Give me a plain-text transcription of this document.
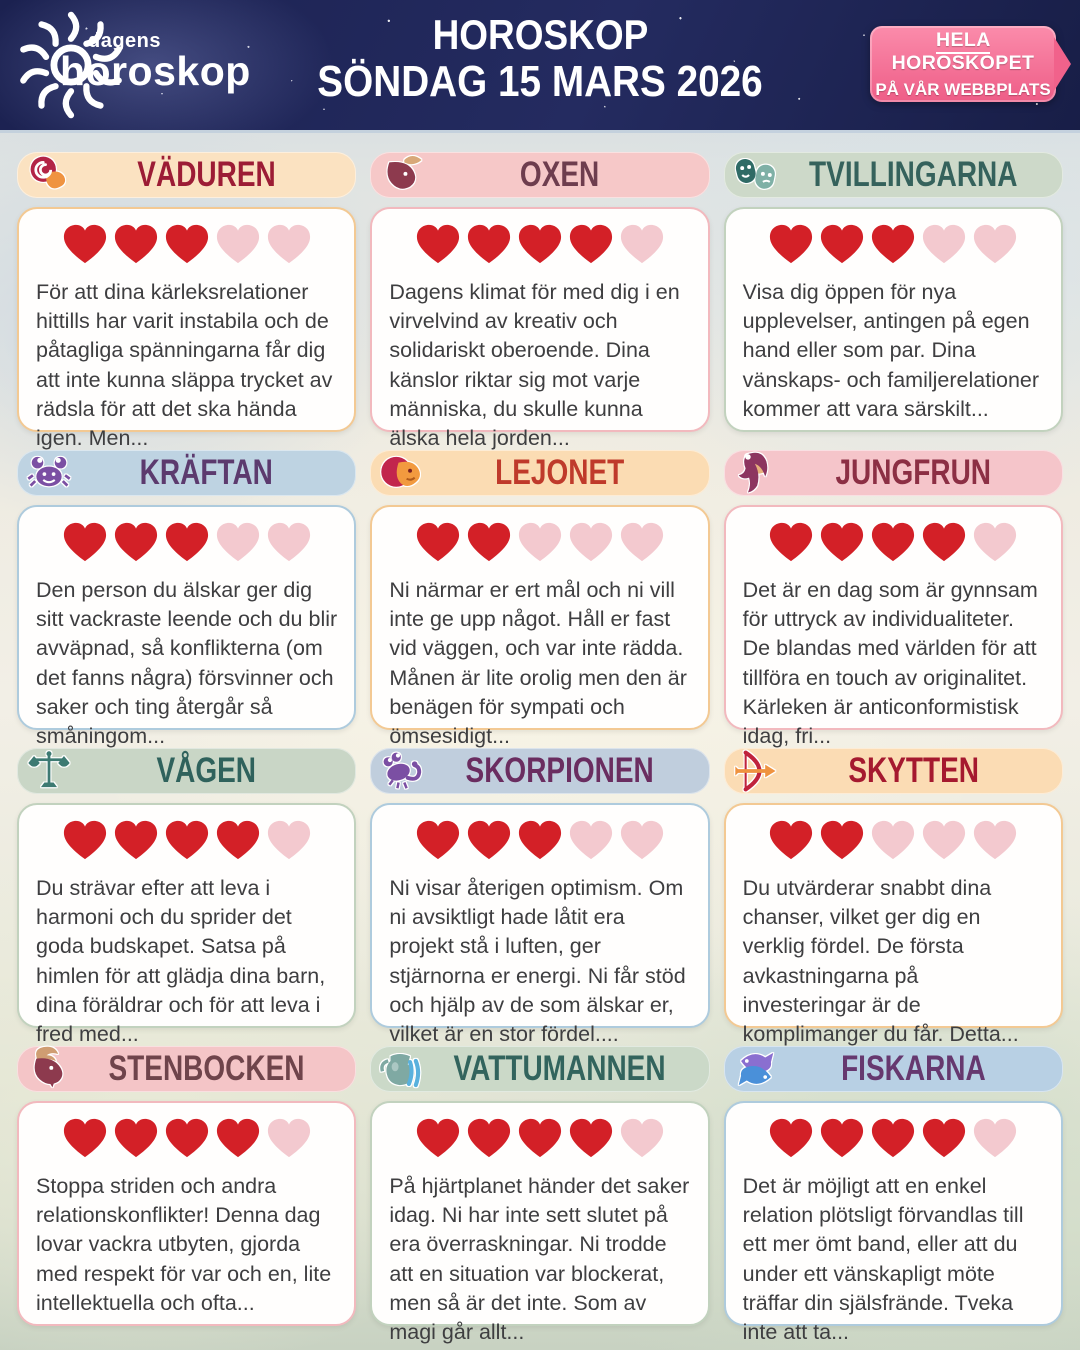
dagens
horoskop
HOROSKOP
SÖNDAG 15 MARS 2026
HELA HOROSKOPET
PÅ VÅR WEBBPLATS
VÄDUREN

För att dina kärleksrelationer hittills har varit instabila och de påtagliga spänningarna får dig att inte kunna släppa trycket av rädsla för att det ska hända igen. Men...

OXEN

Dagens klimat för med dig i en virvelvind av kreativ och solidariskt oberoende. Dina känslor riktar sig mot varje människa, du skulle kunna älska hela jorden...

TVILLINGARNA

Visa dig öppen för nya upplevelser, antingen på egen hand eller som par. Dina vänskaps- och familjerelationer kommer att vara särskilt...

KRÄFTAN

Den person du älskar ger dig sitt vackraste leende och du blir avväpnad, så konflikterna (om det fanns några) försvinner och saker och ting återgår så småningom...

LEJONET

Ni närmar er ert mål och ni vill inte ge upp något. Håll er fast vid väggen, och var inte rädda. Månen är lite orolig men den är benägen för sympati och ömsesidigt...

JUNGFRUN

Det är en dag som är gynnsam för uttryck av individualiteter. De blandas med världen för att tillföra en touch av originalitet. Kärleken är anticonformistisk idag, fri...

VÅGEN

Du strävar efter att leva i harmoni och du sprider det goda budskapet. Satsa på himlen för att glädja dina barn, dina föräldrar och för att leva i fred med...

SKORPIONEN

Ni visar återigen optimism. Om ni avsiktligt hade låtit era projekt stå i luften, ger stjärnorna er energi. Ni får stöd och hjälp av de som älskar er, vilket är en stor fördel....

SKYTTEN

Du utvärderar snabbt dina chanser, vilket ger dig en verklig fördel. De första avkastningarna på investeringar är de komplimanger du får. Detta...

STENBOCKEN

Stoppa striden och andra relationskonflikter! Denna dag lovar vackra utbyten, gjorda med respekt för var och en, lite intellektuella och ofta...

VATTUMANNEN

På hjärtplanet händer det saker idag. Ni har inte sett slutet på era överraskningar. Ni trodde att en situation var blockerat, men så är det inte. Som av magi går allt...

FISKARNA

Det är möjligt att en enkel relation plötsligt förvandlas till ett mer ömt band, eller att du under ett vänskapligt möte träffar din själsfrände. Tveka inte att ta...
